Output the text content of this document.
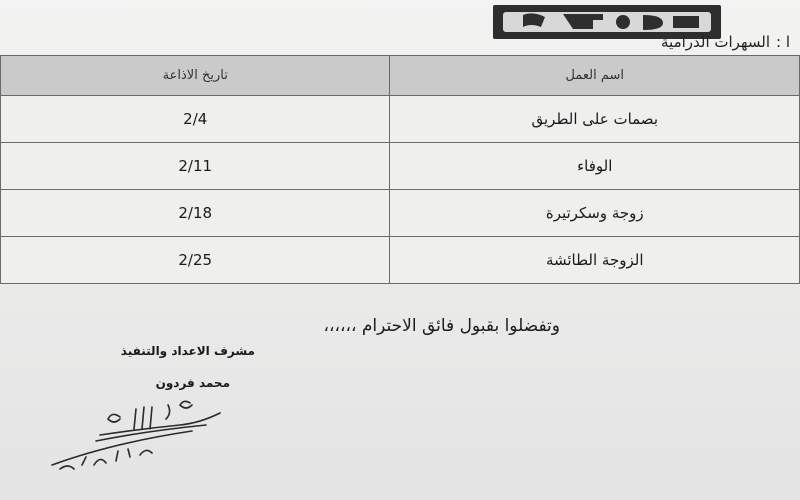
ا :السهرات الدرامية
اسم العمل	تاريخ الاذاعة
بصمات على الطريق	2/4
الوفاء	2/11
زوجة وسكرتيرة	2/18
الزوجة الطائشة	2/25
وتفضلوا بقبول فائق الاحترام ،،،،،،
مشرف الاعداد والتنفيذ
محمد فردون
